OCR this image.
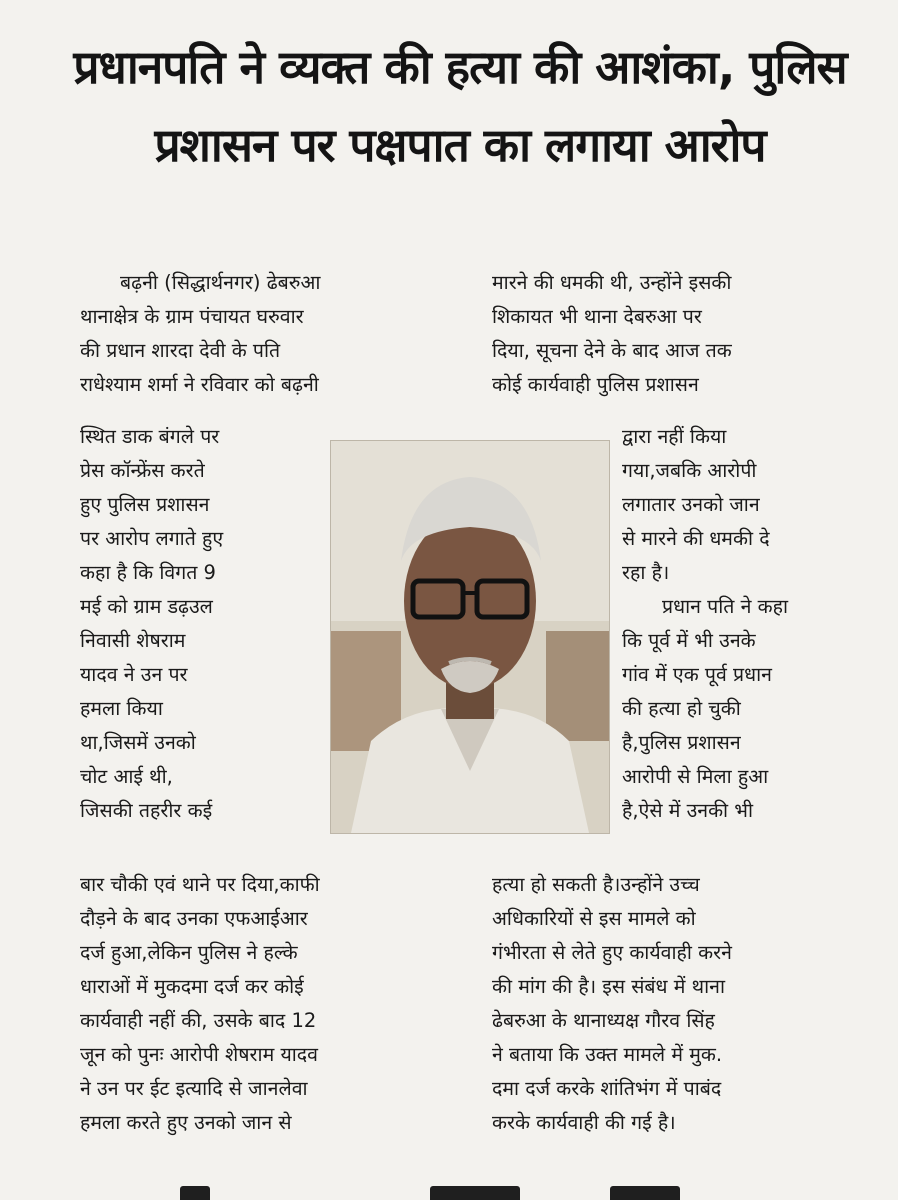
प्रधानपति ने व्यक्त की हत्या की आशंका, पुलिस
प्रशासन पर पक्षपात का लगाया आरोप
बढ़नी (सिद्धार्थनगर) ढेबरुआ
थानाक्षेत्र के ग्राम पंचायत घरुवार
की प्रधान शारदा देवी के पति
राधेश्याम शर्मा ने रविवार को बढ़नी
स्थित डाक बंगले पर
प्रेस कॉन्फ्रेंस करते
हुए पुलिस प्रशासन
पर आरोप लगाते हुए
कहा है कि विगत 9
मई को ग्राम डढ़उल
निवासी शेषराम
यादव ने उन पर
हमला किया
था,जिसमें उनको
चोट आई थी,
जिसकी तहरीर कई
बार चौकी एवं थाने पर दिया,काफी
दौड़ने के बाद उनका एफआईआर
दर्ज हुआ,लेकिन पुलिस ने हल्के
धाराओं में मुकदमा दर्ज कर कोई
कार्यवाही नहीं की, उसके बाद 12
जून को पुनः आरोपी शेषराम यादव
ने उन पर ईट इत्यादि से जानलेवा
हमला करते हुए उनको जान से
मारने की धमकी थी, उन्होंने इसकी
शिकायत भी थाना देबरुआ पर
दिया, सूचना देने के बाद आज तक
कोई कार्यवाही पुलिस प्रशासन
द्वारा नहीं किया
गया,जबकि आरोपी
लगातार उनको जान
से मारने की धमकी दे
रहा है।
प्रधान पति ने कहा
कि पूर्व में भी उनके
गांव में एक पूर्व प्रधान
की हत्या हो चुकी
है,पुलिस प्रशासन
आरोपी से मिला हुआ
है,ऐसे में उनकी भी
हत्या हो सकती है।उन्होंने उच्च
अधिकारियों से इस मामले को
गंभीरता से लेते हुए कार्यवाही करने
की मांग की है। इस संबंध में थाना
ढेबरुआ के थानाध्यक्ष गौरव सिंह
ने बताया कि उक्त मामले में मुक.
दमा दर्ज करके शांतिभंग में पाबंद
करके कार्यवाही की गई है।
